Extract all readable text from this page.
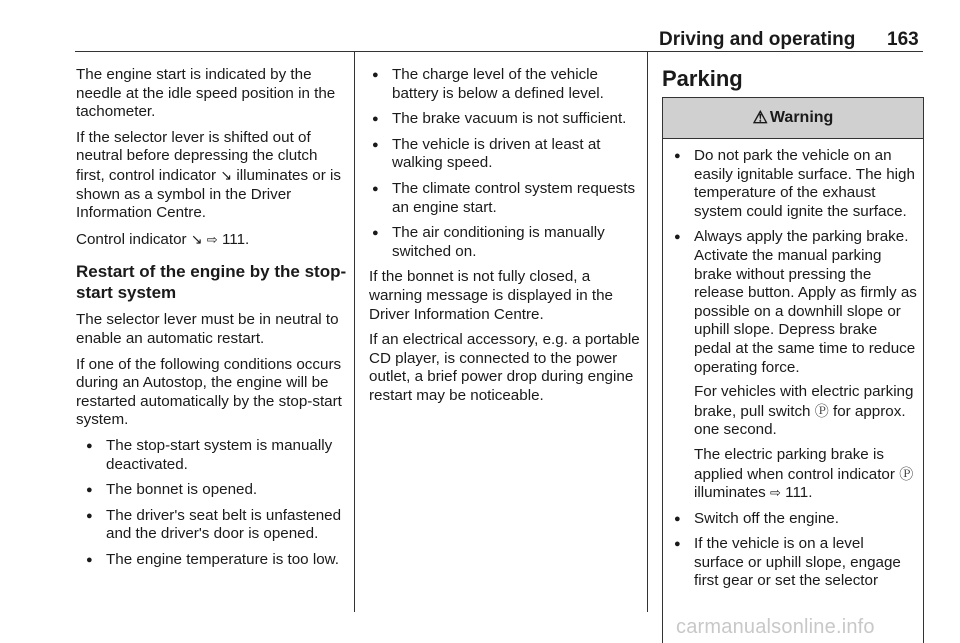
Driving and operating 163

The engine start is indicated by the needle at the idle speed position in the tachometer.

If the selector lever is shifted out of neutral before depressing the clutch first, control indicator ↘ illuminates or is shown as a symbol in the Driver Information Centre.

Control indicator ↘ ⇨ 111.

Restart of the engine by the stop-start system

The selector lever must be in neutral to enable an automatic restart.

If one of the following conditions occurs during an Autostop, the engine will be restarted automatically by the stop-start system.

● The stop-start system is manually deactivated.
● The bonnet is opened.
● The driver's seat belt is unfastened and the driver's door is opened.
● The engine temperature is too low.
● The charge level of the vehicle battery is below a defined level.
● The brake vacuum is not sufficient.
● The vehicle is driven at least at walking speed.
● The climate control system requests an engine start.
● The air conditioning is manually switched on.

If the bonnet is not fully closed, a warning message is displayed in the Driver Information Centre.

If an electrical accessory, e.g. a portable CD player, is connected to the power outlet, a brief power drop during engine restart may be noticeable.

Parking

⚠ Warning
● Do not park the vehicle on an easily ignitable surface. The high temperature of the exhaust system could ignite the surface.
● Always apply the parking brake. Activate the manual parking brake without pressing the release button. Apply as firmly as possible on a downhill slope or uphill slope. Depress brake pedal at the same time to reduce operating force.

For vehicles with electric parking brake, pull switch Ⓟ for approx. one second.

The electric parking brake is applied when control indicator Ⓟ illuminates ⇨ 111.

● Switch off the engine.
● If the vehicle is on a level surface or uphill slope, engage first gear or set the selector
carmanualsonline.info
